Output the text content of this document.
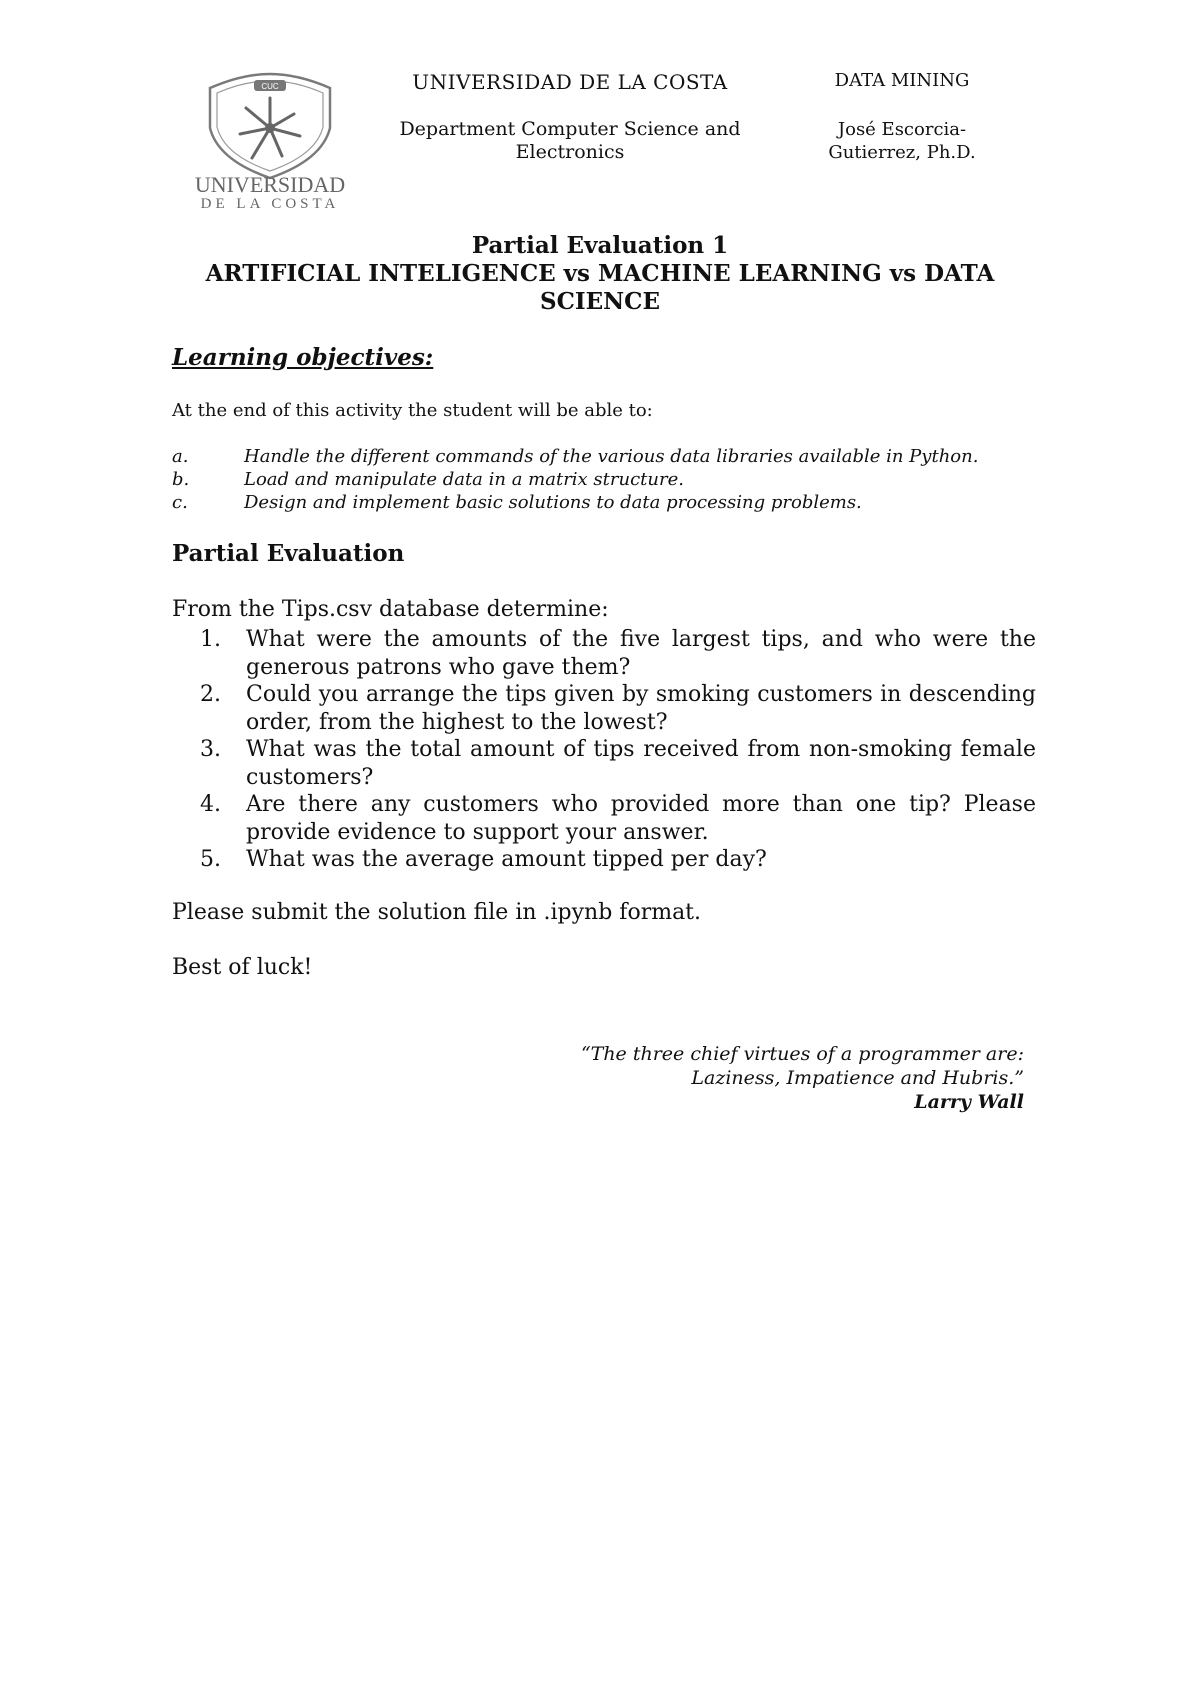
CUC
UNIVERSIDAD
DE LA COSTA
UNIVERSIDAD DE LA COSTA
Department Computer Science and Electronics
DATA MINING
José Escorcia-Gutierrez, Ph.D.
Partial Evaluation 1
ARTIFICIAL INTELIGENCE vs MACHINE LEARNING vs DATA SCIENCE
Learning objectives:
At the end of this activity the student will be able to:
a.	Handle the different commands of the various data libraries available in Python.
b.	Load and manipulate data in a matrix structure.
c.	Design and implement basic solutions to data processing problems.
Partial Evaluation
From the Tips.csv database determine:
1.	What were the amounts of the five largest tips, and who were the generous patrons who gave them?
2.	Could you arrange the tips given by smoking customers in descending order, from the highest to the lowest?
3.	What was the total amount of tips received from non-smoking female customers?
4.	Are there any customers who provided more than one tip? Please provide evidence to support your answer.
5.	What was the average amount tipped per day?
Please submit the solution file in .ipynb format.
Best of luck!
“The three chief virtues of a programmer are:
Laziness, Impatience and Hubris.”
Larry Wall
